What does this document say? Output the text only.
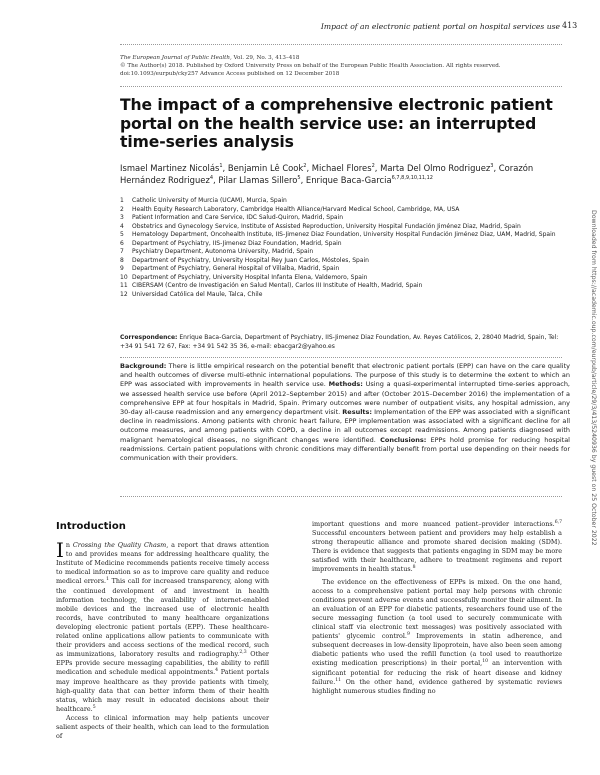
Impact of an electronic patient portal on hospital services use 413
The European Journal of Public Health, Vol. 29, No. 3, 413–418
© The Author(s) 2018. Published by Oxford University Press on behalf of the European Public Health Association. All rights reserved.
doi:10.1093/eurpub/cky257 Advance Access published on 12 December 2018
The impact of a comprehensive electronic patient portal on the health service use: an interrupted time-series analysis
Ismael Martinez Nicolás$^1$, Benjamin Lê Cook$^2$, Michael Flores$^2$, Marta Del Olmo Rodriguez$^3$, Corazón Hernández Rodriguez$^4$, Pilar Llamas Sillero$^5$, Enrique Baca-Garcia$^{6,7,8,9,10,11,12}$
1	Catholic University of Murcia (UCAM), Murcia, Spain
2	Health Equity Research Laboratory, Cambridge Health Alliance/Harvard Medical School, Cambridge, MA, USA
3	Patient Information and Care Service, IDC Salud-Quiron, Madrid, Spain
4	Obstetrics and Gynecology Service, Institute of Assisted Reproduction, University Hospital Fundación Jiménez Diaz, Madrid, Spain
5	Hematology Department, Oncohealth Institute, IIS-Jimenez Diaz Foundation, University Hospital Fundación Jiménez Diaz, UAM, Madrid, Spain
6	Department of Psychiatry, IIS-Jimenez Diaz Foundation, Madrid, Spain
7	Psychiatry Department, Autonoma University, Madrid, Spain
8	Department of Psychiatry, University Hospital Rey Juan Carlos, Móstoles, Spain
9	Department of Psychiatry, General Hospital of Villalba, Madrid, Spain
10 Department of Psychiatry, University Hospital Infanta Elena, Valdemoro, Spain
11 CIBERSAM (Centro de Investigación en Salud Mental), Carlos III Institute of Health, Madrid, Spain
12 Universidad Católica del Maule, Talca, Chile
Correspondence: Enrique Baca-Garcia, Department of Psychiatry, IIS-Jimenez Diaz Foundation, Av. Reyes Católicos, 2, 28040 Madrid, Spain, Tel: +34 91 541 72 67, Fax: +34 91 542 35 36, e-mail: ebacgar2@yahoo.es

Background: There is little empirical research on the potential benefit that electronic patient portals (EPP) can have on the care quality and health outcomes of diverse multi-ethnic international populations. The purpose of this study is to determine the extent to which an EPP was associated with improvements in health service use. Methods: Using a quasi-experimental interrupted time-series approach, we assessed health service use before (April 2012–September 2015) and after (October 2015–December 2016) the implementation of a comprehensive EPP at four hospitals in Madrid, Spain. Primary outcomes were number of outpatient visits, any hospital admission, any 30-day all-cause readmission and any emergency department visit. Results: Implementation of the EPP was associated with a significant decline in readmissions. Among patients with chronic heart failure, EPP implementation was associated with a significant decline for all outcome measures, and among patients with COPD, a decline in all outcomes except readmissions. Among patients diagnosed with malignant hematological diseases, no significant changes were identified. Conclusions: EPPs hold promise for reducing hospital readmissions. Certain patient populations with chronic conditions may differentially benefit from portal use depending on their needs for communication with their providers.	Downloaded from https://academic.oup.com/eurpub/article/29/3/413/5240936 by guest on 25 October 2022
Introduction

In Crossing the Quality Chasm, a report that draws attention to and provides means for addressing healthcare quality, the Institute of Medicine recommends patients receive timely access to medical information so as to improve care quality and reduce medical errors.$^1$ This call for increased transparency, along with the continued development of and investment in health information technology, the availability of internet-enabled mobile devices and the increased use of electronic health records, have contributed to many healthcare organizations developing electronic patient portals (EPP). These healthcare-related online applications allow patients to communicate with their providers and access sections of the medical record, such as immunizations, laboratory results and radiography.$^{2,3}$ Other EPPs provide secure messaging capabilities, the ability to refill medication and schedule medical appointments.$^4$ Patient portals may improve healthcare as they provide patients with timely, high-quality data that can better inform them of their health status, which may result in educated decisions about their healthcare.$^5$

Access to clinical information may help patients uncover salient aspects of their health, which can lead to the formulation of

important questions and more nuanced patient–provider interactions.$^{6,7}$ Successful encounters between patient and providers may help establish a strong therapeutic alliance and promote shared decision making (SDM). There is evidence that suggests that patients engaging in SDM may be more satisfied with their healthcare, adhere to treatment regimens and report improvements in health status.$^8$

The evidence on the effectiveness of EPPs is mixed. On the one hand, access to a comprehensive patient portal may help persons with chronic conditions prevent adverse events and successfully monitor their ailment. In an evaluation of an EPP for diabetic patients, researchers found use of the secure messaging function (a tool used to securely communicate with clinical staff via electronic text messages) was positively associated with patients' glycemic control.$^9$ Improvements in statin adherence, and subsequent decreases in low-density lipoprotein, have also been seen among diabetic patients who used the refill function (a tool used to reauthorize existing medication prescriptions) in their portal,$^{10}$ an intervention with significant potential for reducing the risk of heart disease and kidney failure.$^{11}$ On the other hand, evidence gathered by systematic reviews highlight numerous studies finding no
